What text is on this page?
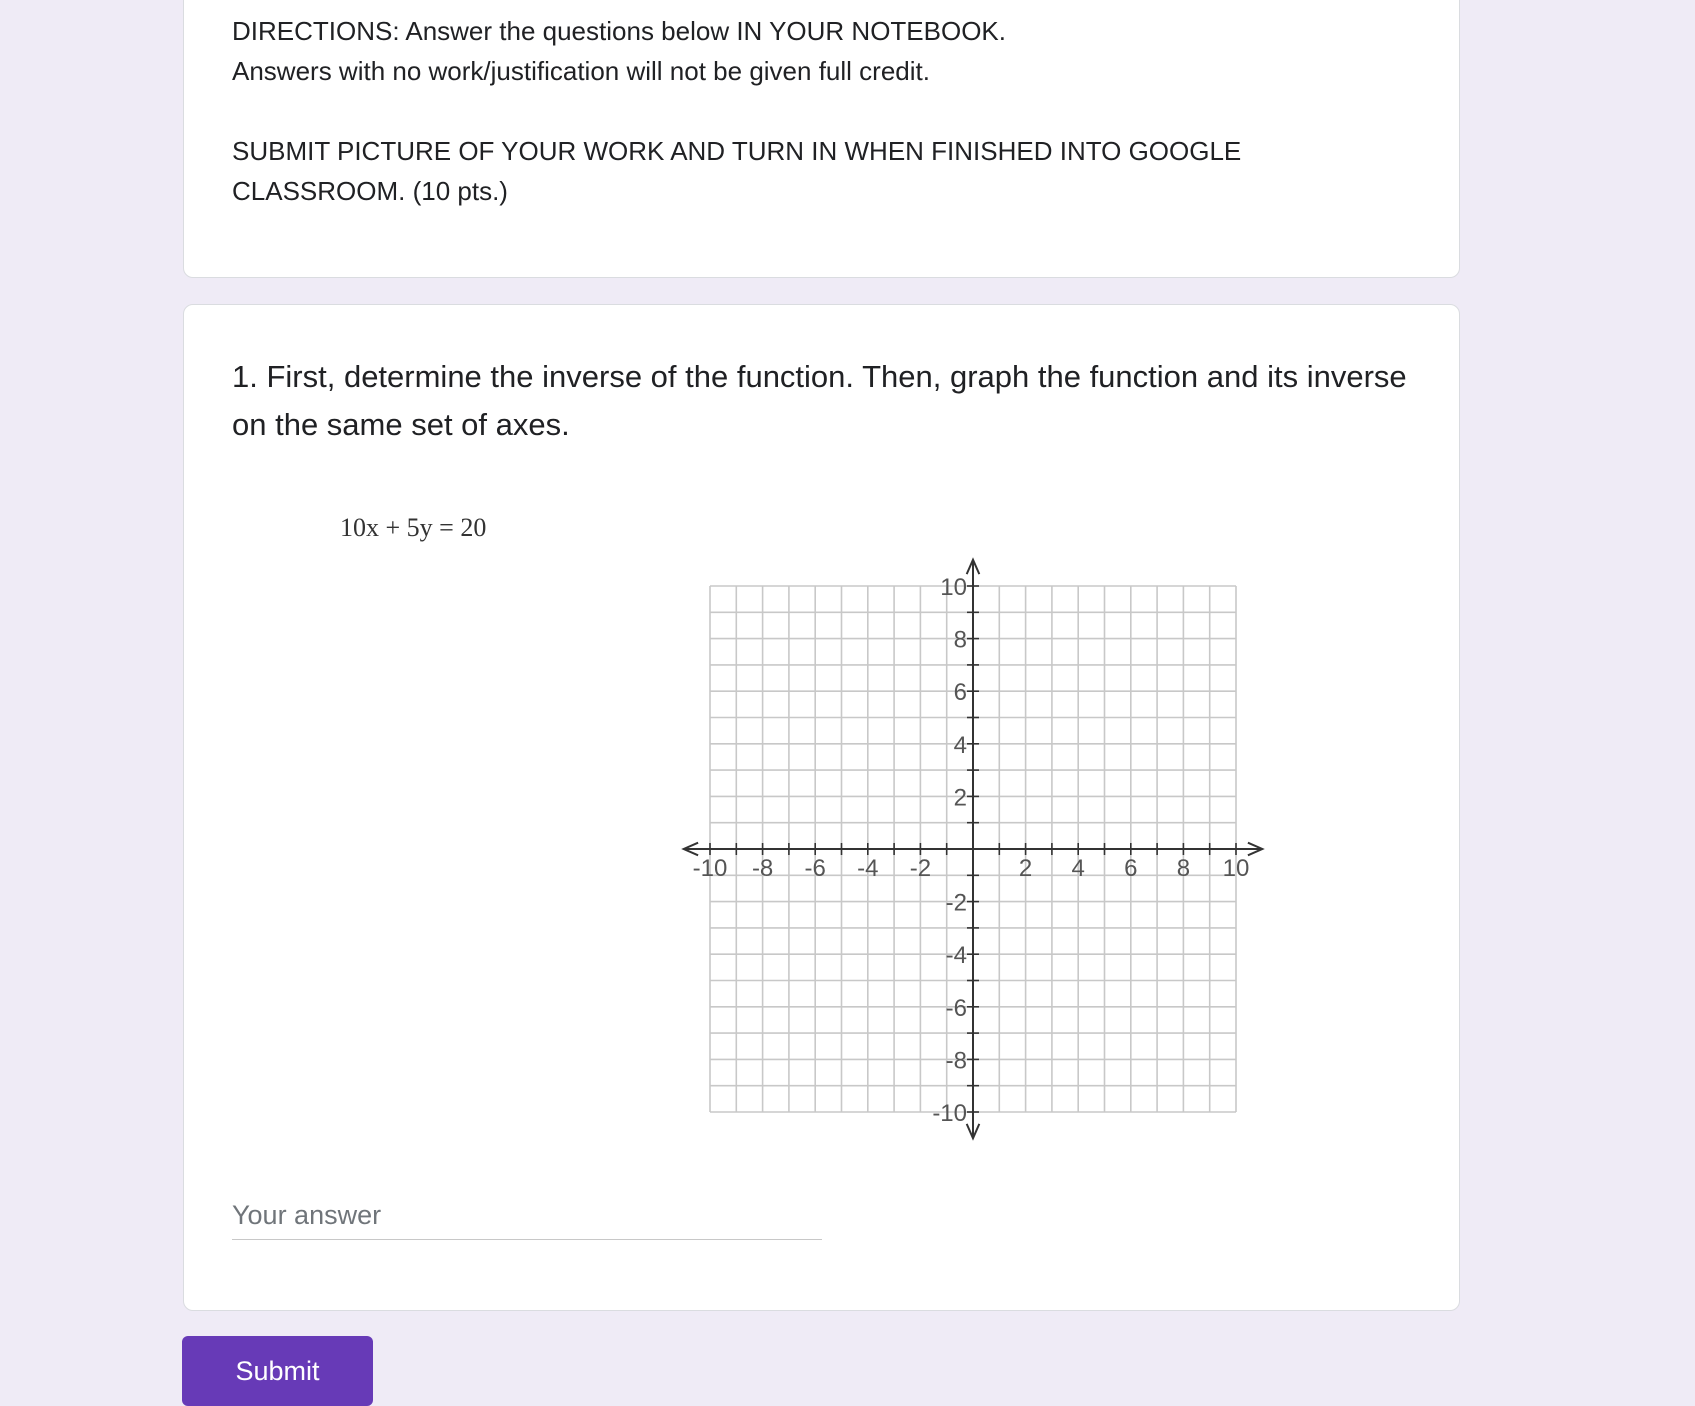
DIRECTIONS: Answer the questions below IN YOUR NOTEBOOK.
Answers with no work/justification will not be given full credit.
SUBMIT PICTURE OF YOUR WORK AND TURN IN WHEN FINISHED INTO GOOGLE
CLASSROOM. (10 pts.)
1. First, determine the inverse of the function. Then, graph the function and its inverse on the same set of axes.
10x + 5y = 20
-10 -8 -6 -4 -2	2 4 6 8 10
10
8
6
4
2
-2
-4
-6
-8
-10
Your answer
Submit
